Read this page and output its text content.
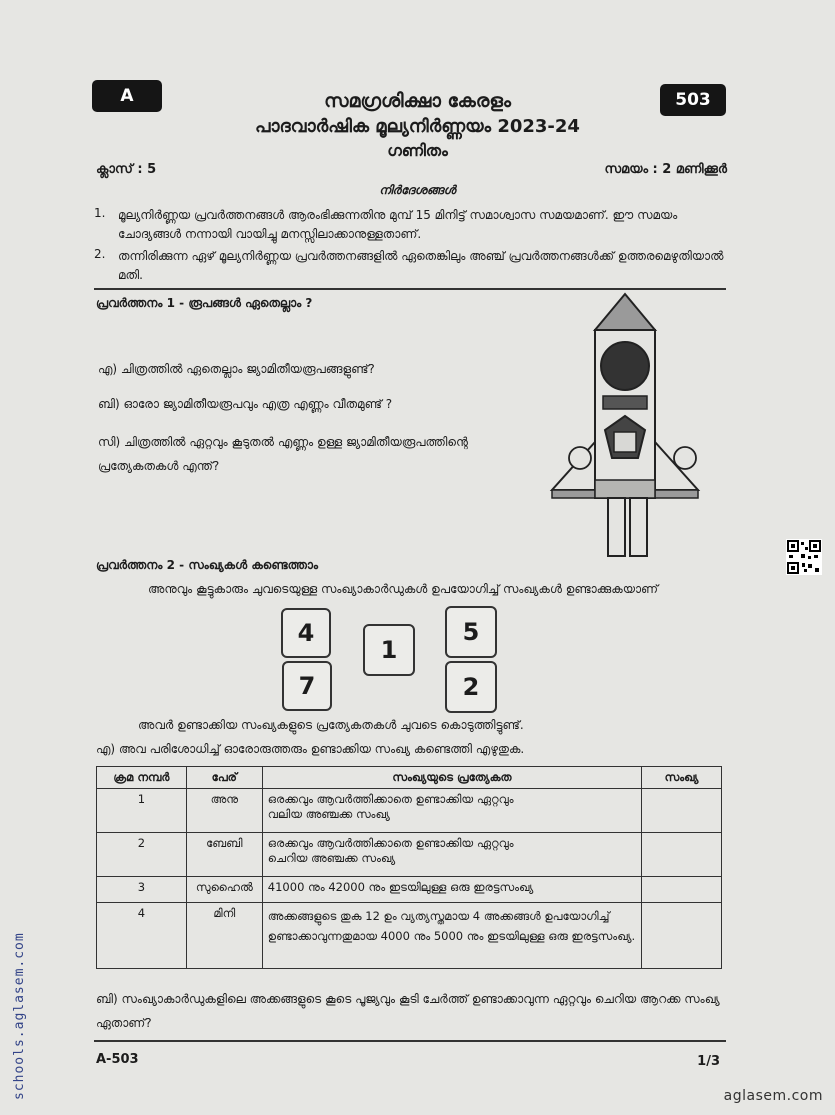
A	503
സമഗ്രശിക്ഷാ കേരളം
പാദവാർഷിക മൂല്യനിർണ്ണയം 2023-24
ഗണിതം
ക്ലാസ് : 5	സമയം : 2 മണിക്കൂർ
നിർദേശങ്ങൾ
1. മൂല്യനിർണ്ണയ പ്രവർത്തനങ്ങൾ ആരംഭിക്കുന്നതിനു മുമ്പ് 15 മിനിട്ട് സമാശ്വാസ സമയമാണ്. ഈ സമയം ചോദ്യങ്ങൾ നന്നായി വായിച്ചു മനസ്സിലാക്കാനുള്ളതാണ്.
2. തന്നിരിക്കുന്ന ഏഴ് മൂല്യനിർണ്ണയ പ്രവർത്തനങ്ങളിൽ ഏതെങ്കിലും അഞ്ച് പ്രവർത്തനങ്ങൾക്ക് ഉത്തരമെഴുതിയാൽ മതി.
പ്രവർത്തനം 1 - രൂപങ്ങൾ ഏതെല്ലാം ?
എ) ചിത്രത്തിൽ ഏതെല്ലാം ജ്യാമിതീയരൂപങ്ങളുണ്ട്?
ബി) ഓരോ ജ്യാമിതീയരൂപവും എത്ര എണ്ണം വീതമുണ്ട് ?
സി) ചിത്രത്തിൽ ഏറ്റവും കൂടുതൽ എണ്ണം ഉള്ള ജ്യാമിതീയരൂപത്തിന്റെ പ്രത്യേകതകൾ എന്ത്?
പ്രവർത്തനം 2 - സംഖ്യകൾ കണ്ടെത്താം
അനുവും കൂട്ടുകാരും ചുവടെയുള്ള സംഖ്യാകാർഡുകൾ ഉപയോഗിച്ച് സംഖ്യകൾ ഉണ്ടാക്കുകയാണ്
4
1
5
7	2
അവർ ഉണ്ടാക്കിയ സംഖ്യകളുടെ പ്രത്യേകതകൾ ചുവടെ കൊടുത്തിട്ടുണ്ട്.
എ) അവ പരിശോധിച്ച് ഓരോരുത്തരും ഉണ്ടാക്കിയ സംഖ്യ കണ്ടെത്തി എഴുതുക.
ക്രമ നമ്പർ	പേര്	സംഖ്യയുടെ പ്രത്യേകത	സംഖ്യ
1	അനു	ഒരക്കവും ആവർത്തിക്കാതെ ഉണ്ടാക്കിയ ഏറ്റവും വലിയ അഞ്ചക്ക സംഖ്യ	
2	ബേബി	ഒരക്കവും ആവർത്തിക്കാതെ ഉണ്ടാക്കിയ ഏറ്റവും ചെറിയ അഞ്ചക്ക സംഖ്യ	
3	സുഹൈൽ	41000 നും 42000 നും ഇടയിലുള്ള ഒരു ഇരട്ടസംഖ്യ	
4	മിനി	അക്കങ്ങളുടെ തുക 12 ഉം വ്യത്യസ്തമായ 4 അക്കങ്ങൾ ഉപയോഗിച്ച് ഉണ്ടാക്കാവുന്നതുമായ 4000 നും 5000 നും ഇടയിലുള്ള ഒരു ഇരട്ടസംഖ്യ.	
ബി) സംഖ്യാകാർഡുകളിലെ അക്കങ്ങളുടെ കൂടെ പൂജ്യവും കൂടി ചേർത്ത് ഉണ്ടാക്കാവുന്ന ഏറ്റവും ചെറിയ ആറക്ക സംഖ്യ ഏതാണ്?
A-503	1/3
aglasem.com
schools.aglasem.com
